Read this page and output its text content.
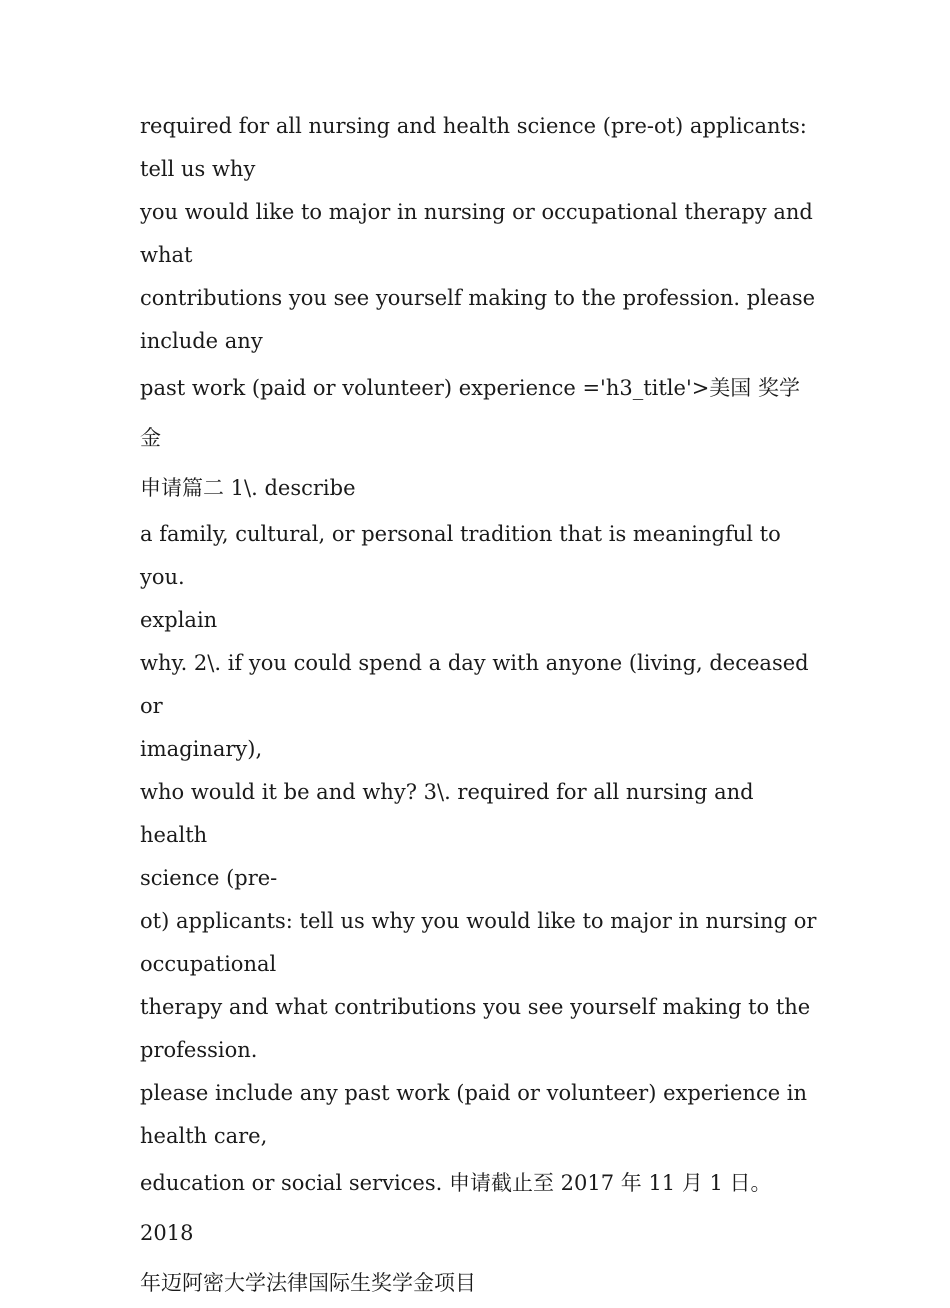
required for all nursing and health science (pre-ot) applicants:

tell us why

you would like to major in nursing or occupational therapy and

what

contributions you see yourself making to the profession. please

include any

past work (paid or volunteer) experience ='h3_title'>美国 奖学金

申请篇二 1\. describe

a family, cultural, or personal tradition that is meaningful to you.

explain

why. 2\. if you could spend a day with anyone (living, deceased or

imaginary),

who would it be and why? 3\. required for all nursing and health

science (pre-

ot) applicants: tell us why you would like to major in nursing or

occupational

therapy and what contributions you see yourself making to the

profession.

please include any past work (paid or volunteer) experience in

health care,

education or social services. 申请截止至 2017 年 11 月 1 日。 2018

年迈阿密大学法律国际生奖学金项目
